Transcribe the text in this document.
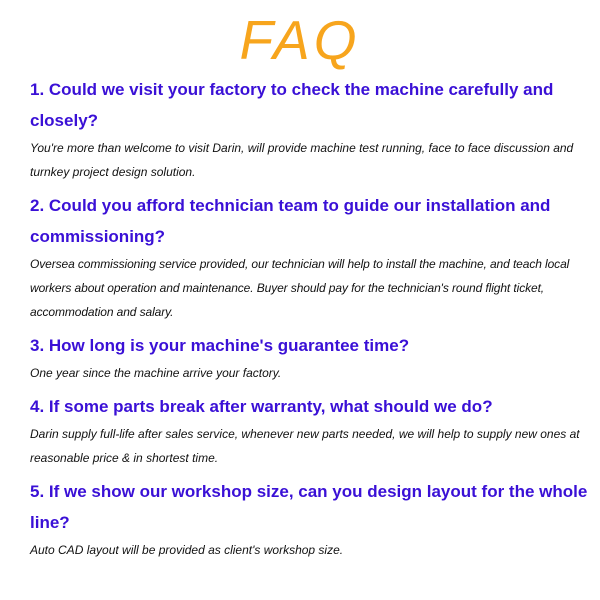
FAQ

1. Could we visit your factory to check the machine carefully and closely?

You're more than welcome to visit Darin, will provide machine test running, face to face discussion and turnkey project design solution.

2. Could you afford technician team to guide our installation and commissioning?

Oversea commissioning service provided, our technician will help to install the machine, and teach local workers about operation and maintenance. Buyer should pay for the technician's round flight ticket, accommodation and salary.

3. How long is your machine's guarantee time?

One year since the machine arrive your factory.

4. If some parts break after warranty, what should we do?

Darin supply full-life after sales service, whenever new parts needed, we will help to supply new ones at reasonable price & in shortest time.

5. If we show our workshop size, can you design layout for the whole line?

Auto CAD layout will be provided as client's workshop size.
